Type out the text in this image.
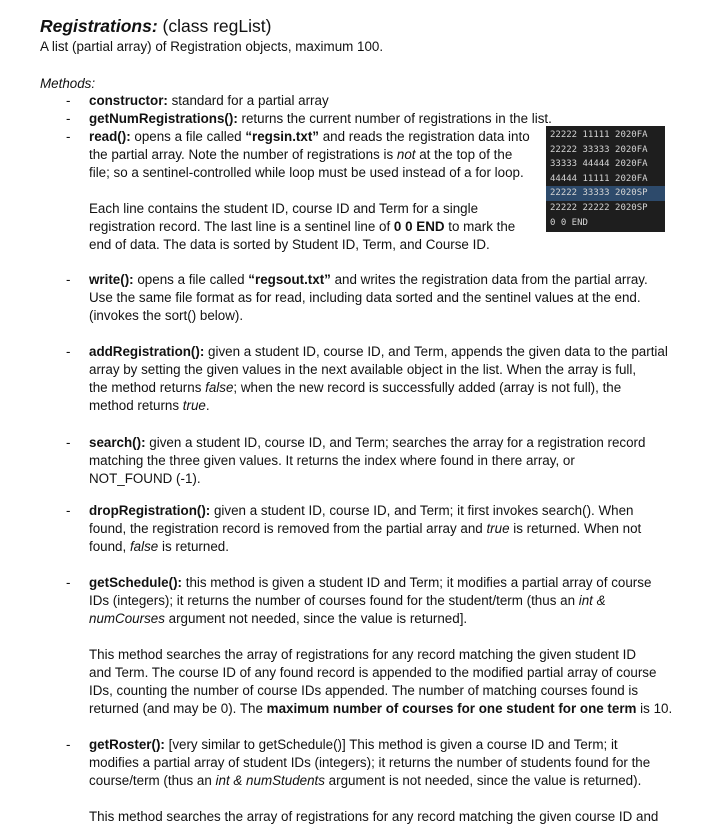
Registrations: (class regList)
A list (partial array) of Registration objects, maximum 100.
Methods:
- constructor: standard for a partial array
- getNumRegistrations(): returns the current number of registrations in the list.
- read(): opens a file called “regsin.txt” and reads the registration data into
the partial array. Note the number of registrations is not at the top of the
file; so a sentinel-controlled while loop must be used instead of a for loop.
Each line contains the student ID, course ID and Term for a single
registration record. The last line is a sentinel line of 0 0 END to mark the
end of data. The data is sorted by Student ID, Term, and Course ID.
- write(): opens a file called “regsout.txt” and writes the registration data from the partial array.
Use the same file format as for read, including data sorted and the sentinel values at the end.
(invokes the sort() below).
- addRegistration(): given a student ID, course ID, and Term, appends the given data to the partial
array by setting the given values in the next available object in the list. When the array is full,
the method returns false; when the new record is successfully added (array is not full), the
method returns true.
- search(): given a student ID, course ID, and Term; searches the array for a registration record
matching the three given values. It returns the index where found in there array, or
NOT_FOUND (-1).
- dropRegistration(): given a student ID, course ID, and Term; it first invokes search(). When
found, the registration record is removed from the partial array and true is returned. When not
found, false is returned.
- getSchedule(): this method is given a student ID and Term; it modifies a partial array of course
IDs (integers); it returns the number of courses found for the student/term (thus an int &
numCourses argument not needed, since the value is returned].
This method searches the array of registrations for any record matching the given student ID
and Term. The course ID of any found record is appended to the modified partial array of course
IDs, counting the number of course IDs appended. The number of matching courses found is
returned (and may be 0). The maximum number of courses for one student for one term is 10.
- getRoster(): [very similar to getSchedule()] This method is given a course ID and Term; it
modifies a partial array of student IDs (integers); it returns the number of students found for the
course/term (thus an int & numStudents argument is not needed, since the value is returned).
This method searches the array of registrations for any record matching the given course ID and
22222 11111 2020FA
22222 33333 2020FA
33333 44444 2020FA
44444 11111 2020FA
22222 33333 2020SP
22222 22222 2020SP
0 0 END
